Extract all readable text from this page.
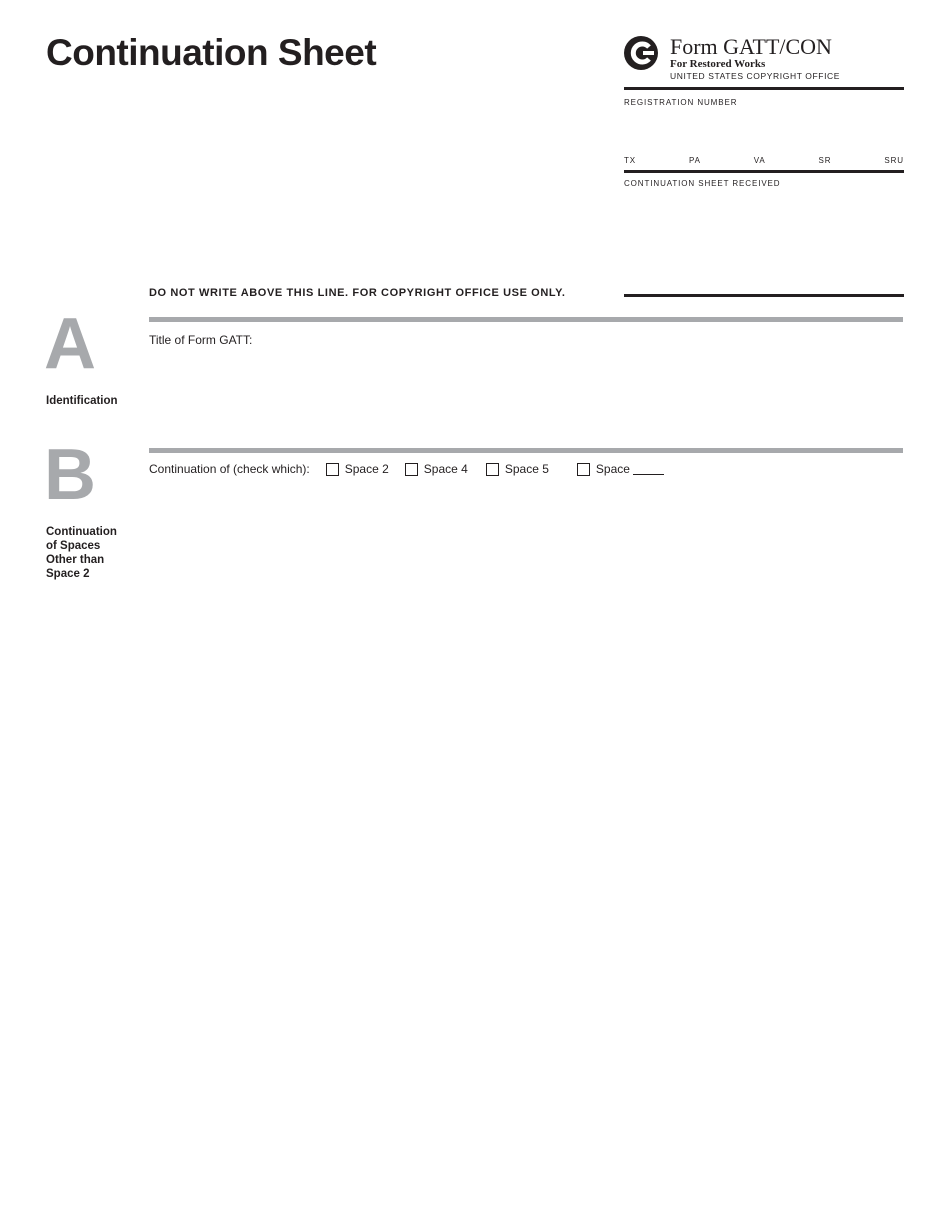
Continuation Sheet	Form GATT/CON
For Restored Works
UNITED STATES COPYRIGHT OFFICE
REGISTRATION NUMBER
TX	PA	VA	SR	SRU
CONTINUATION SHEET RECEIVED
DO NOT WRITE ABOVE THIS LINE. FOR COPYRIGHT OFFICE USE ONLY.
A
Identification
Title of Form GATT:
B
Continuation
of Spaces
Other than
Space 2
Continuation of (check which):	Space 2	Space 4	Space 5	Space
